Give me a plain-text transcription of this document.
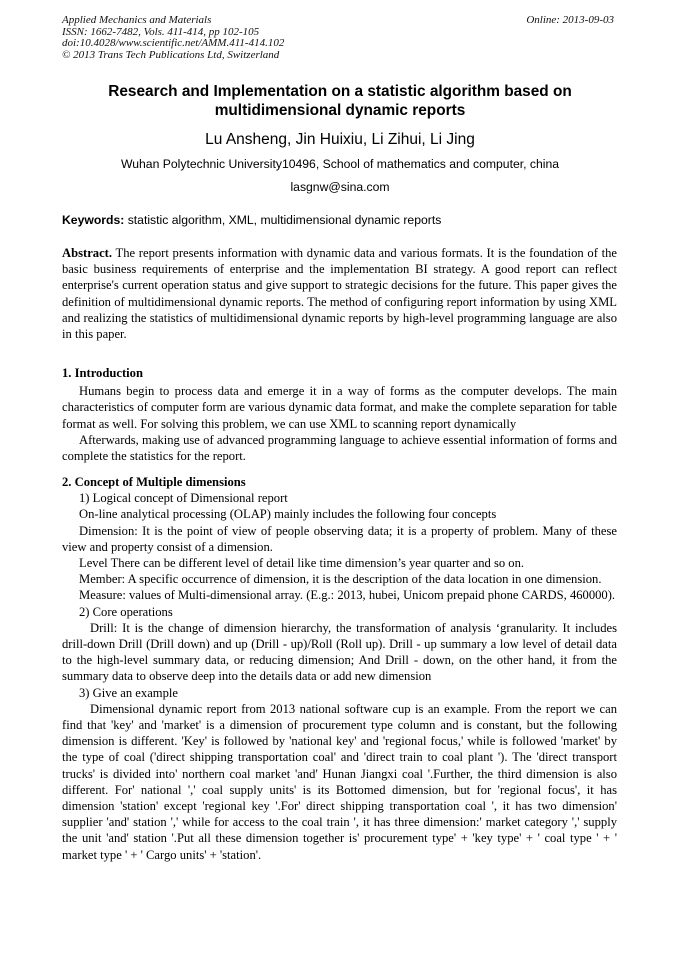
Applied Mechanics and Materials
ISSN: 1662-7482, Vols. 411-414, pp 102-105
doi:10.4028/www.scientific.net/AMM.411-414.102
© 2013 Trans Tech Publications Ltd, Switzerland
Online: 2013-09-03
Research and Implementation on a statistic algorithm based on multidimensional dynamic reports
Lu Ansheng, Jin Huixiu, Li Zihui, Li Jing
Wuhan Polytechnic University10496, School of mathematics and computer, china
lasgnw@sina.com
Keywords: statistic algorithm, XML, multidimensional dynamic reports

Abstract. The report presents information with dynamic data and various formats. It is the foundation of the basic business requirements of enterprise and the implementation BI strategy. A good report can reflect enterprise's current operation status and give support to strategic decisions for the future. This paper gives the definition of multidimensional dynamic reports. The method of configuring report information by using XML and realizing the statistics of multidimensional dynamic reports by high-level programming language are also in this paper.

1. Introduction

Humans begin to process data and emerge it in a way of forms as the computer develops. The main characteristics of computer form are various dynamic data format, and make the complete separation for table format as well. For solving this problem, we can use XML to scanning report dynamically

Afterwards, making use of advanced programming language to achieve essential information of forms and complete the statistics for the report.

2. Concept of Multiple dimensions

1) Logical concept of Dimensional report

On-line analytical processing (OLAP) mainly includes the following four concepts

Dimension: It is the point of view of people observing data; it is a property of problem. Many of these view and property consist of a dimension.

Level There can be different level of detail like time dimension’s year quarter and so on.

Member: A specific occurrence of dimension, it is the description of the data location in one dimension.

Measure: values of Multi-dimensional array. (E.g.: 2013, hubei, Unicom prepaid phone CARDS, 460000).

2) Core operations

Drill: It is the change of dimension hierarchy, the transformation of analysis ‘granularity. It includes drill-down Drill (Drill down) and up (Drill - up)/Roll (Roll up). Drill - up summary a low level of detail data to the high-level summary data, or reducing dimension; And Drill - down, on the other hand, it from the summary data to observe deep into the details data or add new dimension

3) Give an example

Dimensional dynamic report from 2013 national software cup is an example. From the report we can find that 'key' and 'market' is a dimension of procurement type column and is constant, but the following dimension is different. 'Key' is followed by 'national key' and 'regional focus,' while is followed 'market' by the type of coal ('direct shipping transportation coal' and 'direct train to coal plant '). The 'direct transport trucks' is divided into' northern coal market 'and' Hunan Jiangxi coal '.Further, the third dimension is also different. For' national ',' coal supply units' is its Bottomed dimension, but for 'regional focus', it has dimension 'station' except 'regional key '.For' direct shipping transportation coal ', it has two dimension' supplier 'and' station ',' while for access to the coal train ', it has three dimension:' market category ',' supply the unit 'and' station '.Put all these dimension together is' procurement type' + 'key type' + ' coal type ' + ' market type ' + ' Cargo units' + 'station'.
